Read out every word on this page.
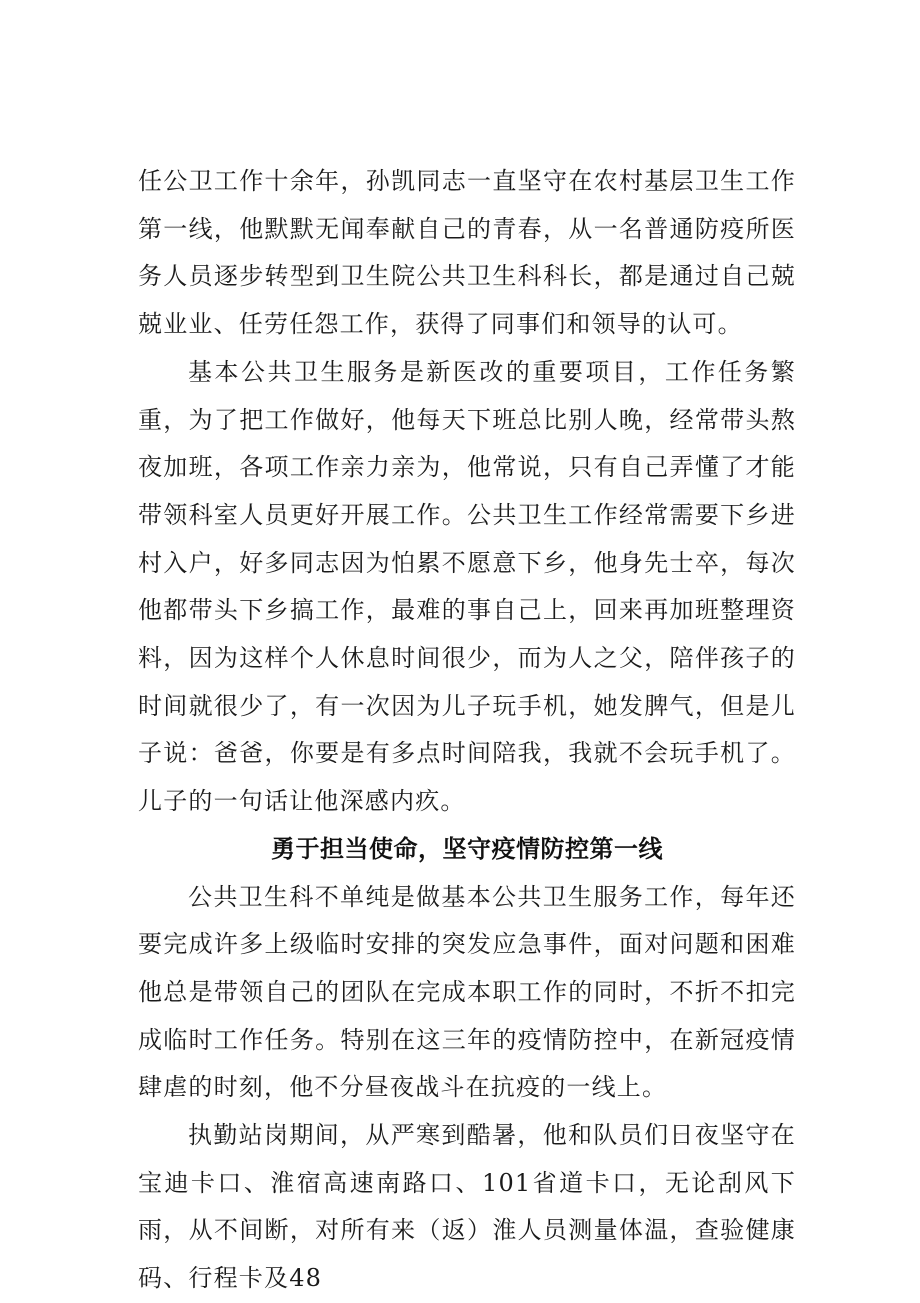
任公卫工作十余年，孙凯同志一直坚守在农村基层卫生工作第一线，他默默无闻奉献自己的青春，从一名普通防疫所医务人员逐步转型到卫生院公共卫生科科长，都是通过自己兢兢业业、任劳任怨工作，获得了同事们和领导的认可。

基本公共卫生服务是新医改的重要项目，工作任务繁重，为了把工作做好，他每天下班总比别人晚，经常带头熬夜加班，各项工作亲力亲为，他常说，只有自己弄懂了才能带领科室人员更好开展工作。公共卫生工作经常需要下乡进村入户，好多同志因为怕累不愿意下乡，他身先士卒，每次他都带头下乡搞工作，最难的事自己上，回来再加班整理资料，因为这样个人休息时间很少，而为人之父，陪伴孩子的时间就很少了，有一次因为儿子玩手机，她发脾气，但是儿子说：爸爸，你要是有多点时间陪我，我就不会玩手机了。儿子的一句话让他深感内疚。

勇于担当使命，坚守疫情防控第一线

公共卫生科不单纯是做基本公共卫生服务工作，每年还要完成许多上级临时安排的突发应急事件，面对问题和困难他总是带领自己的团队在完成本职工作的同时，不折不扣完成临时工作任务。特别在这三年的疫情防控中，在新冠疫情肆虐的时刻，他不分昼夜战斗在抗疫的一线上。

执勤站岗期间，从严寒到酷暑，他和队员们日夜坚守在宝迪卡口、淮宿高速南路口、101省道卡口，无论刮风下雨，从不间断，对所有来（返）淮人员测量体温，查验健康码、行程卡及48
